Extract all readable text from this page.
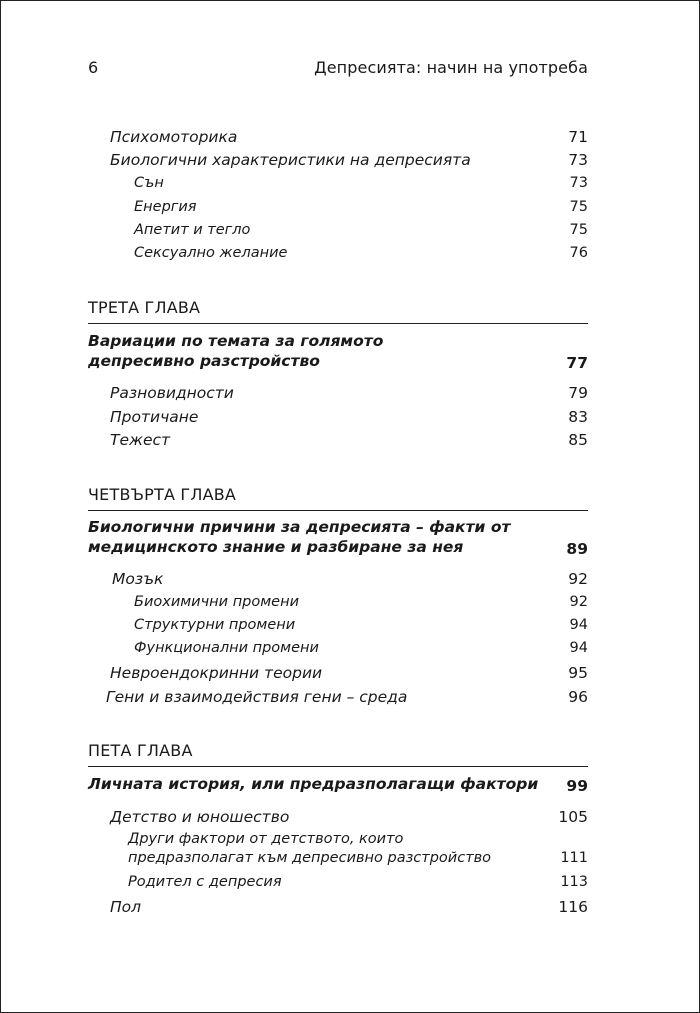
6	Депресията: начин на употреба
Психомоторика	71
Биологични характеристики на депресията	73
Сън	73
Енергия	75
Апетит и тегло	75
Сексуално желание	76
ТРЕТА ГЛАВА
Вариации по темата за голямото
депресивно разстройство	77
Разновидности	79
Протичане	83
Тежест	85
ЧЕТВЪРТА ГЛАВА
Биологични причини за депресията – факти от
медицинското знание и разбиране за нея	89
Мозък	92
Биохимични промени	92
Структурни промени	94
Функционални промени	94
Невроендокринни теории	95
Гени и взаимодействия гени – среда	96
ПЕТА ГЛАВА
Личната история, или предразполагащи фактори	99
Детство и юношество	105
Други фактори от детството, които
предразполагат към депресивно разстройство	111
Родител с депресия	113
Пол	116
